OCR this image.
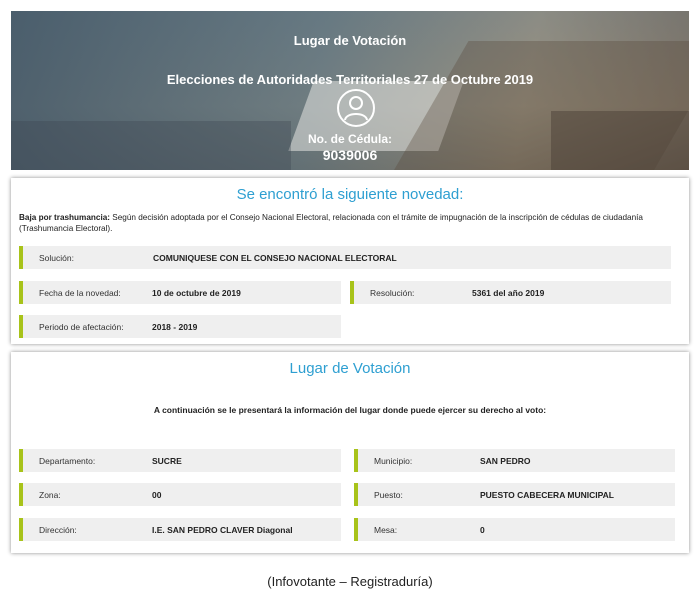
Lugar de Votación
Elecciones de Autoridades Territoriales 27 de Octubre 2019
No. de Cédula:
9039006
Se encontró la siguiente novedad:
Baja por trashumancia: Según decisión adoptada por el Consejo Nacional Electoral, relacionada con el trámite de impugnación de la inscripción de cédulas de ciudadanía (Trashumancia Electoral).
Solución:	COMUNIQUESE CON EL CONSEJO NACIONAL ELECTORAL
Fecha de la novedad:	10 de octubre de 2019	Resolución:	5361 del año 2019
Periodo de afectación:	2018 - 2019
Lugar de Votación
A continuación se le presentará la información del lugar donde puede ejercer su derecho al voto:
Departamento:	SUCRE	Municipio:	SAN PEDRO
Zona:	00	Puesto:	PUESTO CABECERA MUNICIPAL
Dirección:	I.E. SAN PEDRO CLAVER Diagonal	Mesa:	0
(Infovotante – Registraduría)
